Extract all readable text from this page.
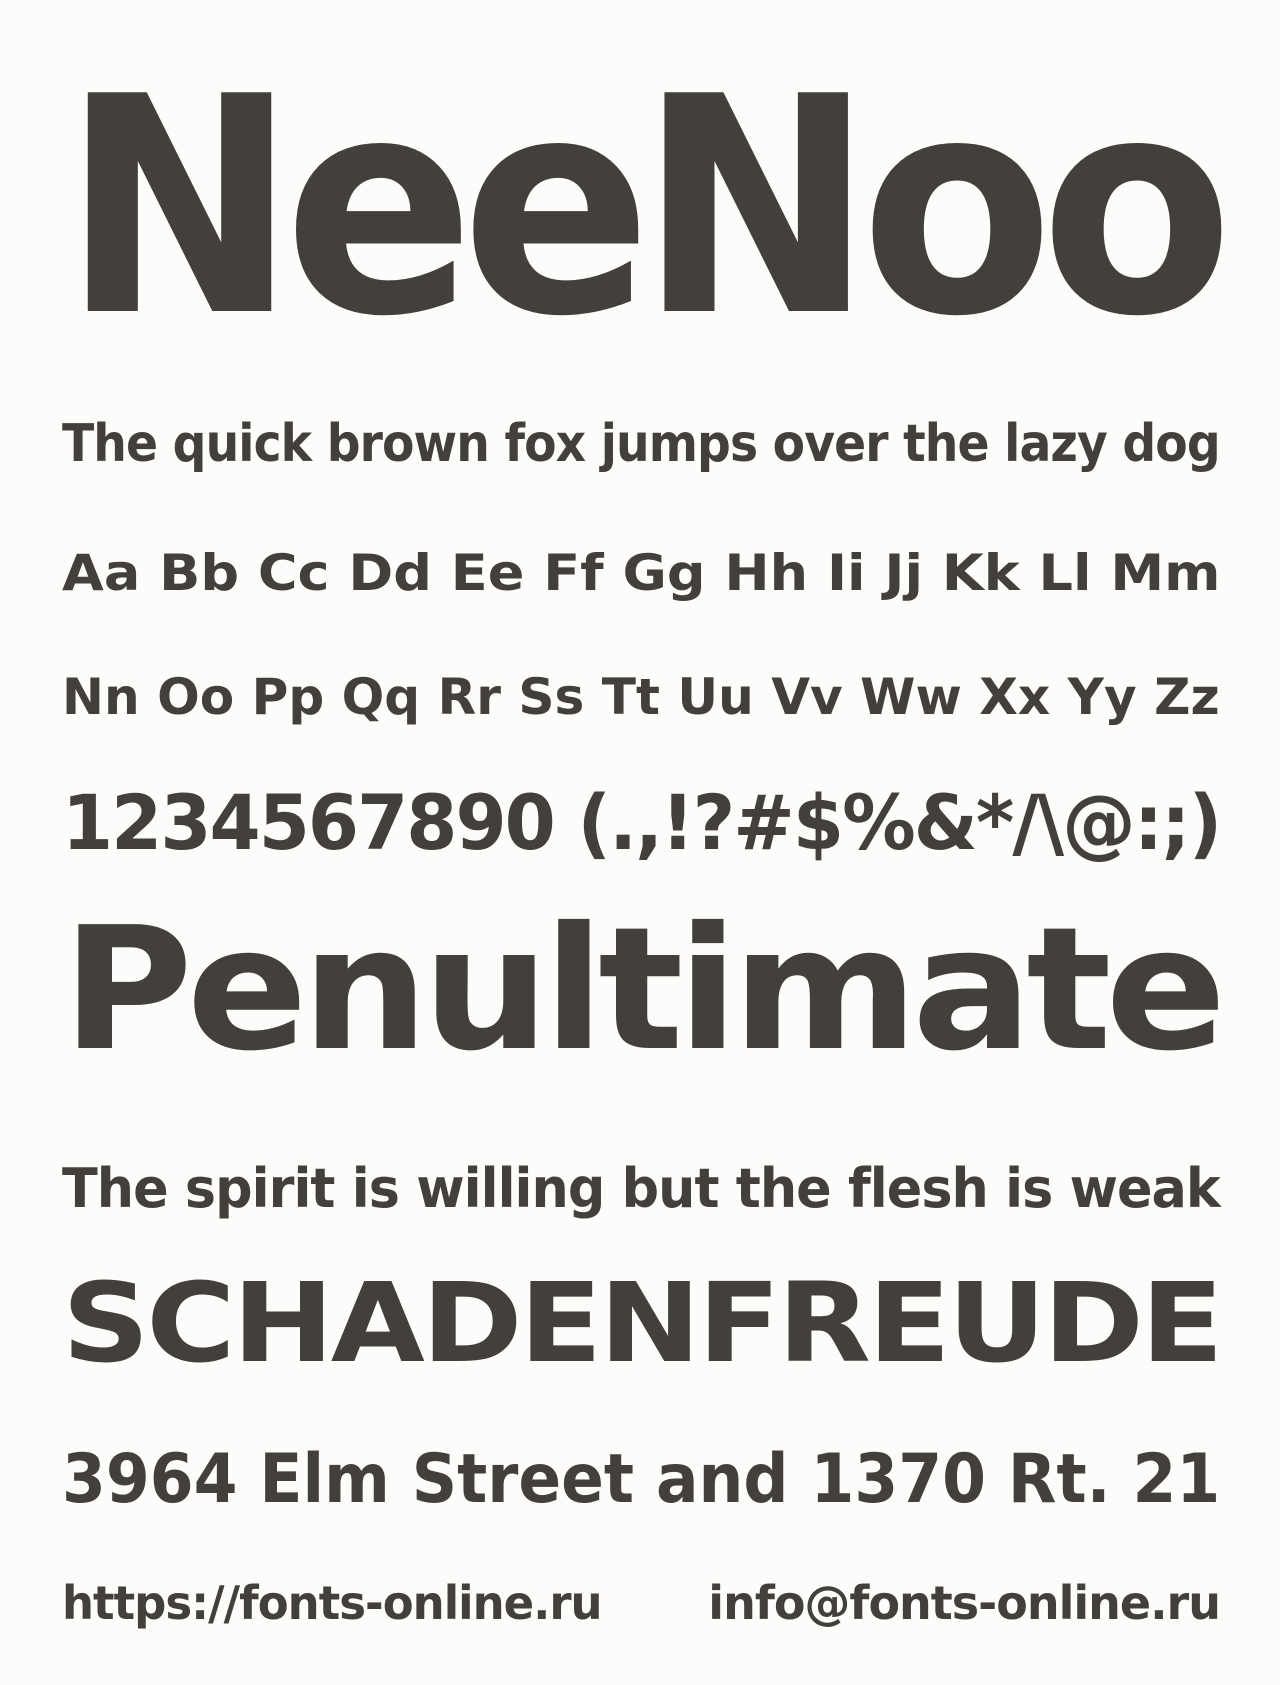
NeeNoo
The quick brown fox jumps over the lazy dog
Aa Bb Cc Dd Ee Ff Gg Hh Ii Jj Kk Ll Mm
Nn Oo Pp Qq Rr Ss Tt Uu Vv Ww Xx Yy Zz
1234567890 (.,!?#$%&*/\@:;)
Penultimate
The spirit is willing but the flesh is weak
SCHADENFREUDE
3964 Elm Street and 1370 Rt. 21
https://fonts-online.ru info@fonts-online.ru
